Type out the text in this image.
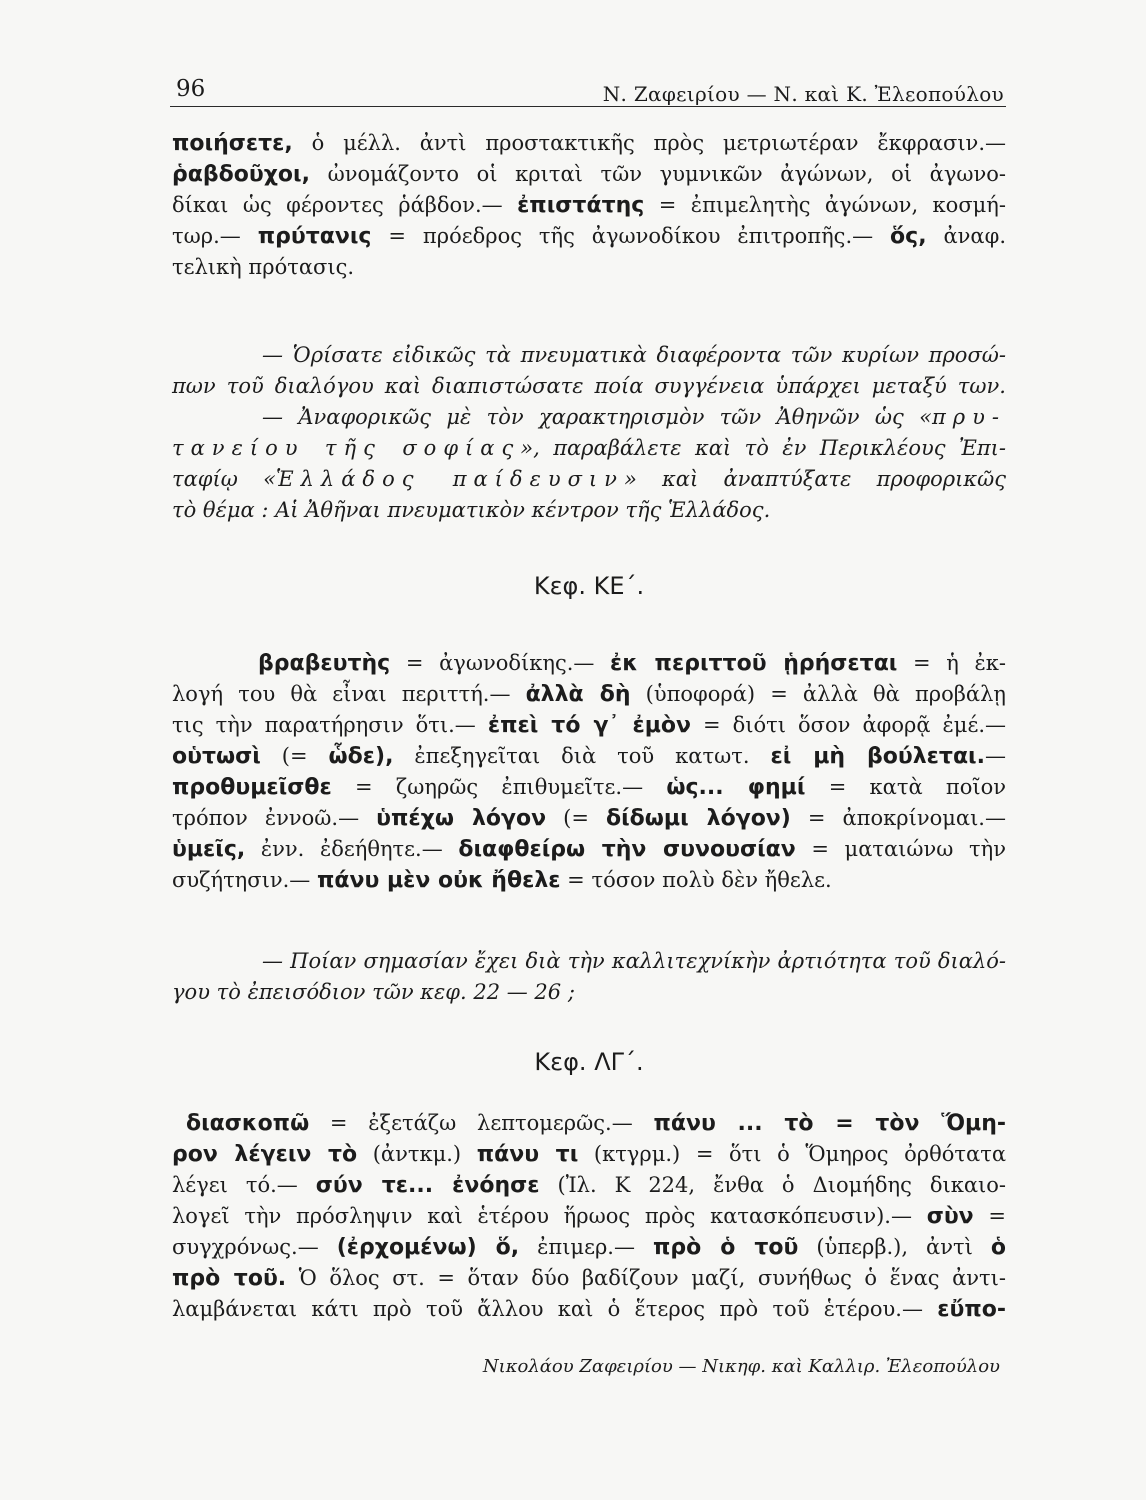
96	Ν. Ζαφειρίου — Ν. καὶ Κ. Ἐλεοπούλου
ποιήσετε, ὁ μέλλ. ἀντὶ προστακτικῆς πρὸς μετριωτέραν ἔκφρασιν.—
ῥαβδοῦχοι, ὠνομάζοντο οἱ κριταὶ τῶν γυμνικῶν ἀγώνων, οἱ ἀγωνο-
δίκαι ὡς φέροντες ῥάβδον.— ἐπιστάτης = ἐπιμελητὴς ἀγώνων, κοσμή-
τωρ.— πρύτανις = πρόεδρος τῆς ἀγωνοδίκου ἐπιτροπῆς.— ὅς, ἀναφ.
τελικὴ πρότασις.
— Ὁρίσατε εἰδικῶς τὰ πνευματικὰ διαφέροντα τῶν κυρίων προσώ-
πων τοῦ διαλόγου καὶ διαπιστώσατε ποία συγγένεια ὑπάρχει μεταξύ των.
— Ἀναφορικῶς μὲ τὸν χαρακτηρισμὸν τῶν Ἀθηνῶν ὡς «πρυ-
τανείου τῆς σοφίας», παραβάλετε καὶ τὸ ἐν Περικλέους Ἐπι-
ταφίῳ «Ἑλλάδος παίδευσιν» καὶ ἀναπτύξατε προφορικῶς
τὸ θέμα : Αἱ Ἀθῆναι πνευματικὸν κέντρον τῆς Ἑλλάδος.
Κεφ. ΚΕ΄.
βραβευτὴς = ἀγωνοδίκης.— ἐκ περιττοῦ ᾑρήσεται = ἡ ἐκ-
λογή του θὰ εἶναι περιττή.— ἀλλὰ δὴ (ὑποφορά) = ἀλλὰ θὰ προβάλῃ
τις τὴν παρατήρησιν ὅτι.— ἐπεὶ τό γ᾽ ἐμὸν = διότι ὅσον ἀφορᾷ ἐμέ.—
οὑτωσὶ (= ὧδε), ἐπεξηγεῖται διὰ τοῦ κατωτ. εἰ μὴ βούλεται.—
προθυμεῖσθε = ζωηρῶς ἐπιθυμεῖτε.— ὡς... φημί = κατὰ ποῖον
τρόπον ἐννοῶ.— ὑπέχω λόγον (= δίδωμι λόγον) = ἀποκρίνομαι.—
ὑμεῖς, ἐνν. ἐδεήθητε.— διαφθείρω τὴν συνουσίαν = ματαιώνω τὴν
συζήτησιν.— πάνυ μὲν οὐκ ἤθελε = τόσον πολὺ δὲν ἤθελε.
— Ποίαν σημασίαν ἔχει διὰ τὴν καλλιτεχνίκὴν ἀρτιότητα τοῦ διαλό-
γου τὸ ἐπεισόδιον τῶν κεφ. 22 — 26 ;
Κεφ. ΛΓ΄.
διασκοπῶ = ἐξετάζω λεπτομερῶς.— πάνυ ... τὸ = τὸν Ὅμη-
ρον λέγειν τὸ (ἀντκμ.) πάνυ τι (κτγρμ.) = ὅτι ὁ Ὅμηρος ὀρθότατα
λέγει τό.— σύν τε... ἐνόησε (Ἰλ. Κ 224, ἔνθα ὁ Διομήδης δικαιο-
λογεῖ τὴν πρόσληψιν καὶ ἑτέρου ἥρωος πρὸς κατασκόπευσιν).— σὺν =
συγχρόνως.— (ἐρχομένω) ὅ, ἐπιμερ.— πρὸ ὁ τοῦ (ὑπερβ.), ἀντὶ ὁ
πρὸ τοῦ. Ὁ ὅλος στ. = ὅταν δύο βαδίζουν μαζί, συνήθως ὁ ἕνας ἀντι-
λαμβάνεται κάτι πρὸ τοῦ ἄλλου καὶ ὁ ἕτερος πρὸ τοῦ ἑτέρου.— εὔπο-
Νικολάου Ζαφειρίου — Νικηφ. καὶ Καλλιρ. Ἐλεοπούλου
